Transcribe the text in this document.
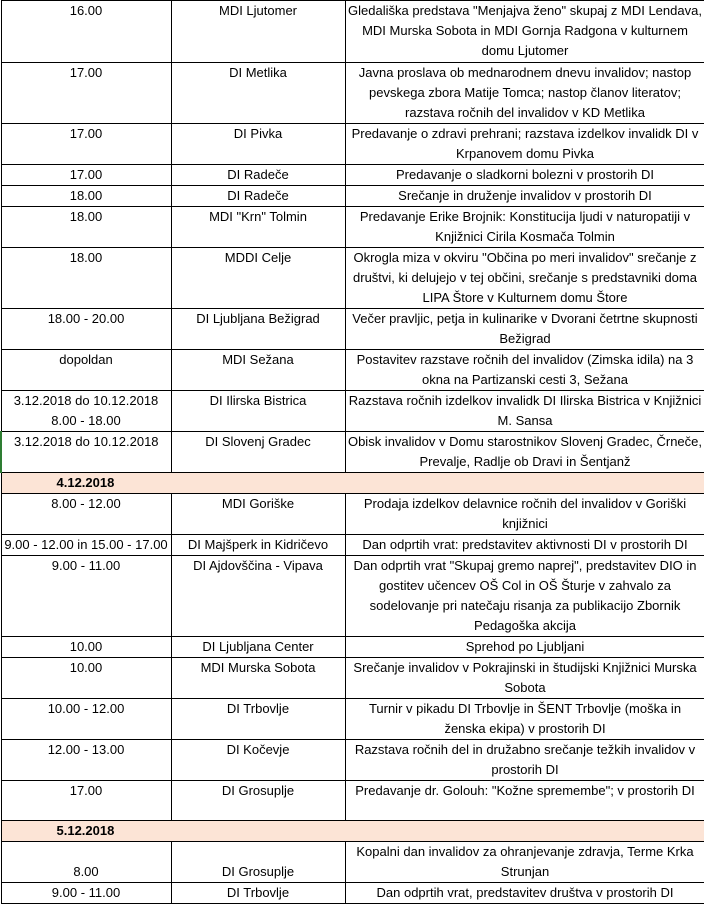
16.00	MDI Ljutomer	Gledališka predstava "Menjajva ženo" skupaj z MDI Lendava, MDI Murska Sobota in MDI Gornja Radgona v kulturnem domu Ljutomer
17.00	DI Metlika	Javna proslava ob mednarodnem dnevu invalidov; nastop pevskega zbora Matije Tomca; nastop članov literatov; razstava ročnih del invalidov v KD Metlika
17.00	DI Pivka	Predavanje o zdravi prehrani; razstava izdelkov invalidk DI v Krpanovem domu Pivka
17.00	DI Radeče	Predavanje o sladkorni bolezni v prostorih DI
18.00	DI Radeče	Srečanje in druženje invalidov v prostorih DI
18.00	MDI "Krn" Tolmin	Predavanje Erike Brojnik: Konstitucija ljudi v naturopatiji v Knjižnici Cirila Kosmača Tolmin
18.00	MDDI Celje	Okrogla miza v okviru "Občina po meri invalidov" srečanje z društvi, ki delujejo v tej občini, srečanje s predstavniki doma LIPA Štore v Kulturnem domu Štore
18.00 - 20.00	DI Ljubljana Bežigrad	Večer pravljic, petja in kulinarike v Dvorani četrtne skupnosti Bežigrad
dopoldan	MDI Sežana	Postavitev razstave ročnih del invalidov (Zimska idila) na 3 okna na Partizanski cesti 3, Sežana
3.12.2018 do 10.12.2018 8.00 - 18.00	DI Ilirska Bistrica	Razstava ročnih izdelkov invalidk DI Ilirska Bistrica v Knjižnici M. Sansa
3.12.2018 do 10.12.2018	DI Slovenj Gradec	Obisk invalidov v Domu starostnikov Slovenj Gradec, Črneče, Prevalje, Radlje ob Dravi in Šentjanž
4.12.2018		
8.00 - 12.00	MDI Goriške	Prodaja izdelkov delavnice ročnih del invalidov v Goriški knjižnici
9.00 - 12.00 in 15.00 - 17.00	DI Majšperk in Kidričevo	Dan odprtih vrat: predstavitev aktivnosti DI v prostorih DI
9.00 - 11.00	DI Ajdovščina - Vipava	Dan odprtih vrat "Skupaj gremo naprej", predstavitev DIO in gostitev učencev OŠ Col in OŠ Šturje v zahvalo za sodelovanje pri natečaju risanja za publikacijo Zbornik Pedagoška akcija
10.00	DI Ljubljana Center	Sprehod po Ljubljani
10.00	MDI Murska Sobota	Srečanje invalidov v Pokrajinski in študijski Knjižnici Murska Sobota
10.00 - 12.00	DI Trbovlje	Turnir v pikadu DI Trbovlje in ŠENT Trbovlje (moška in ženska ekipa) v prostorih DI
12.00 - 13.00	DI Kočevje	Razstava ročnih del in družabno srečanje težkih invalidov v prostorih DI
17.00	DI Grosuplje	Predavanje dr. Golouh: "Kožne spremembe"; v prostorih DI
5.12.2018		
8.00	DI Grosuplje	Kopalni dan invalidov za ohranjevanje zdravja, Terme Krka Strunjan
9.00 - 11.00	DI Trbovlje	Dan odprtih vrat, predstavitev društva v prostorih DI
